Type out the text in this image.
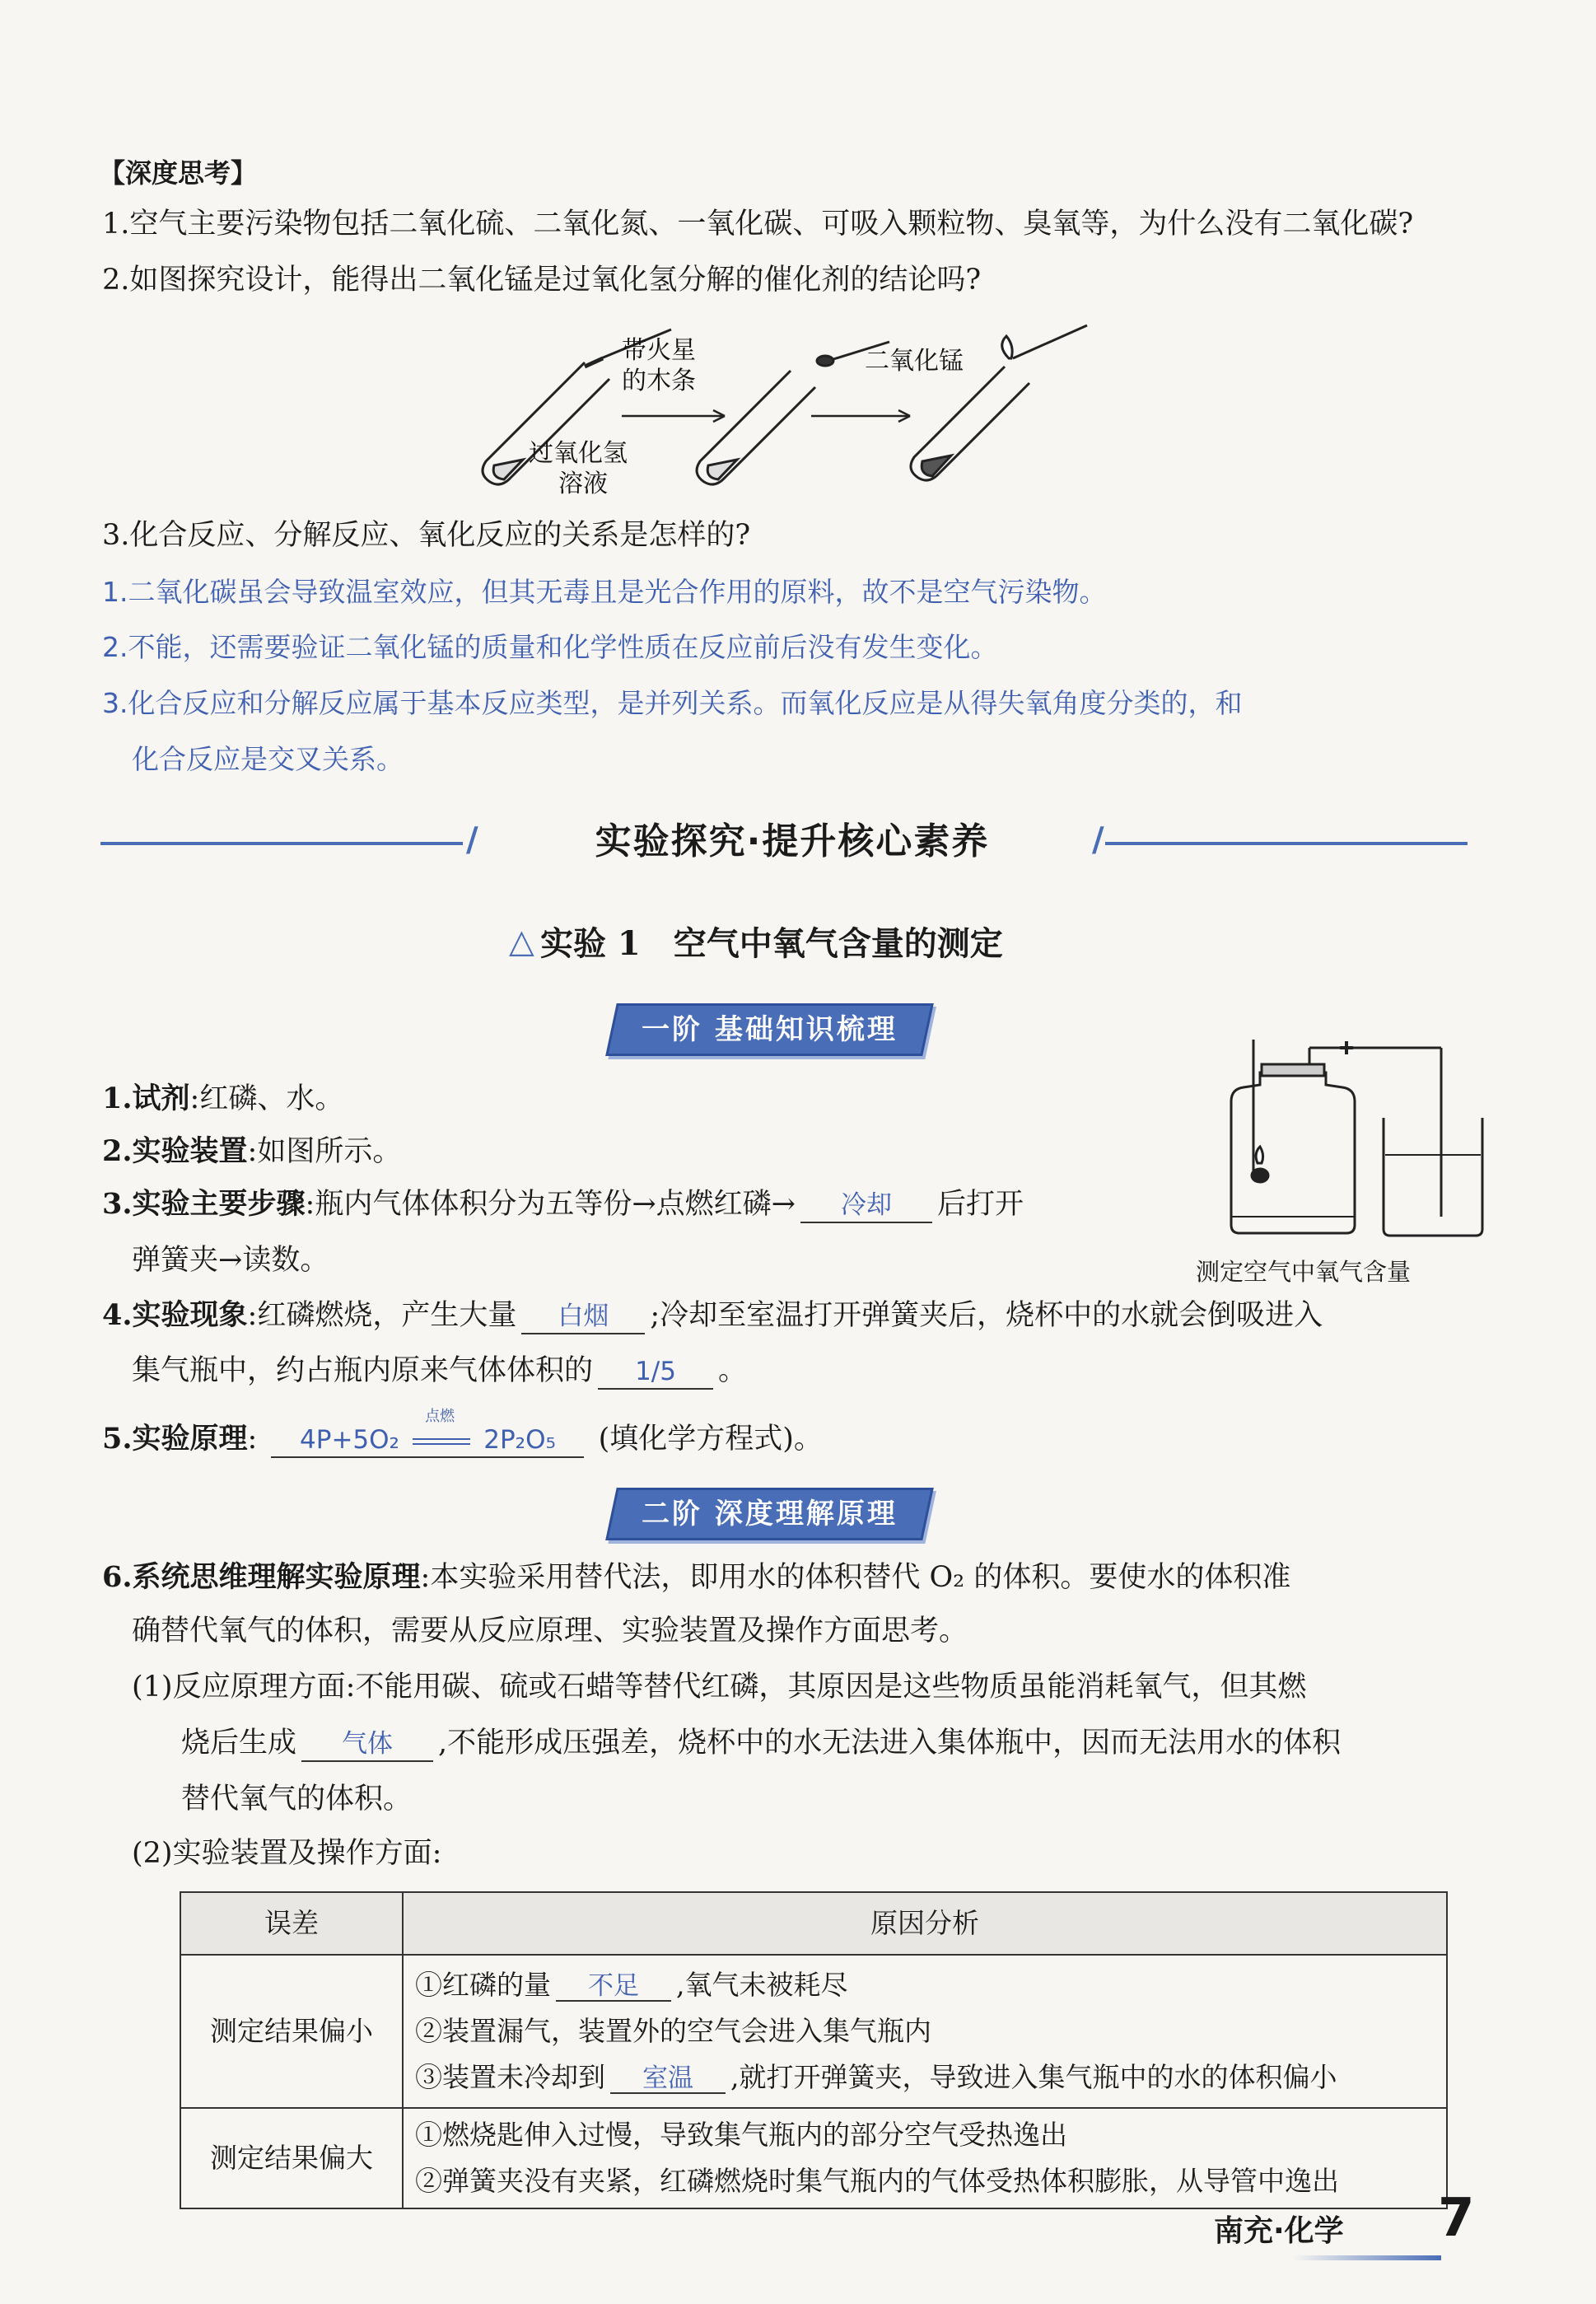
【深度思考】
1.空气主要污染物包括二氧化硫、二氧化氮、一氧化碳、可吸入颗粒物、臭氧等，为什么没有二氧化碳?
2.如图探究设计，能得出二氧化锰是过氧化氢分解的催化剂的结论吗?
带火星
的木条
过氧化氢
溶液
二氧化锰
3.化合反应、分解反应、氧化反应的关系是怎样的?
1.二氧化碳虽会导致温室效应，但其无毒且是光合作用的原料，故不是空气污染物。
2.不能，还需要验证二氧化锰的质量和化学性质在反应前后没有发生变化。
3.化合反应和分解反应属于基本反应类型，是并列关系。而氧化反应是从得失氧角度分类的，和
化合反应是交叉关系。
/	/
实验探究·提升核心素养
△ 实验 1　空气中氧气含量的测定
一阶 基础知识梳理
1.试剂:红磷、水。
2.实验装置:如图所示。
3.实验主要步骤:瓶内气体体积分为五等份→点燃红磷→ 冷却 后打开
弹簧夹→读数。	测定空气中氧气含量
4.实验现象:红磷燃烧，产生大量 白烟 ;冷却至室温打开弹簧夹后，烧杯中的水就会倒吸进入
集气瓶中，约占瓶内原来气体体积的 1/5 。
5.实验原理: 4P+5O₂
点燃
2P₂O₅ (填化学方程式)。
二阶 深度理解原理
6.系统思维理解实验原理:本实验采用替代法，即用水的体积替代 O₂ 的体积。要使水的体积准
确替代氧气的体积，需要从反应原理、实验装置及操作方面思考。
(1)反应原理方面:不能用碳、硫或石蜡等替代红磷，其原因是这些物质虽能消耗氧气，但其燃
烧后生成 气体 ,不能形成压强差，烧杯中的水无法进入集体瓶中，因而无法用水的体积
替代氧气的体积。
(2)实验装置及操作方面:
误差	原因分析
测定结果偏小	①红磷的量 不足 ,氧气未被耗尽
②装置漏气，装置外的空气会进入集气瓶内
③装置未冷却到 室温 ,就打开弹簧夹，导致进入集气瓶中的水的体积偏小

测定结果偏大	①燃烧匙伸入过慢，导致集气瓶内的部分空气受热逸出
②弹簧夹没有夹紧，红磷燃烧时集气瓶内的气体受热体积膨胀，从导管中逸出
南充·化学 7
